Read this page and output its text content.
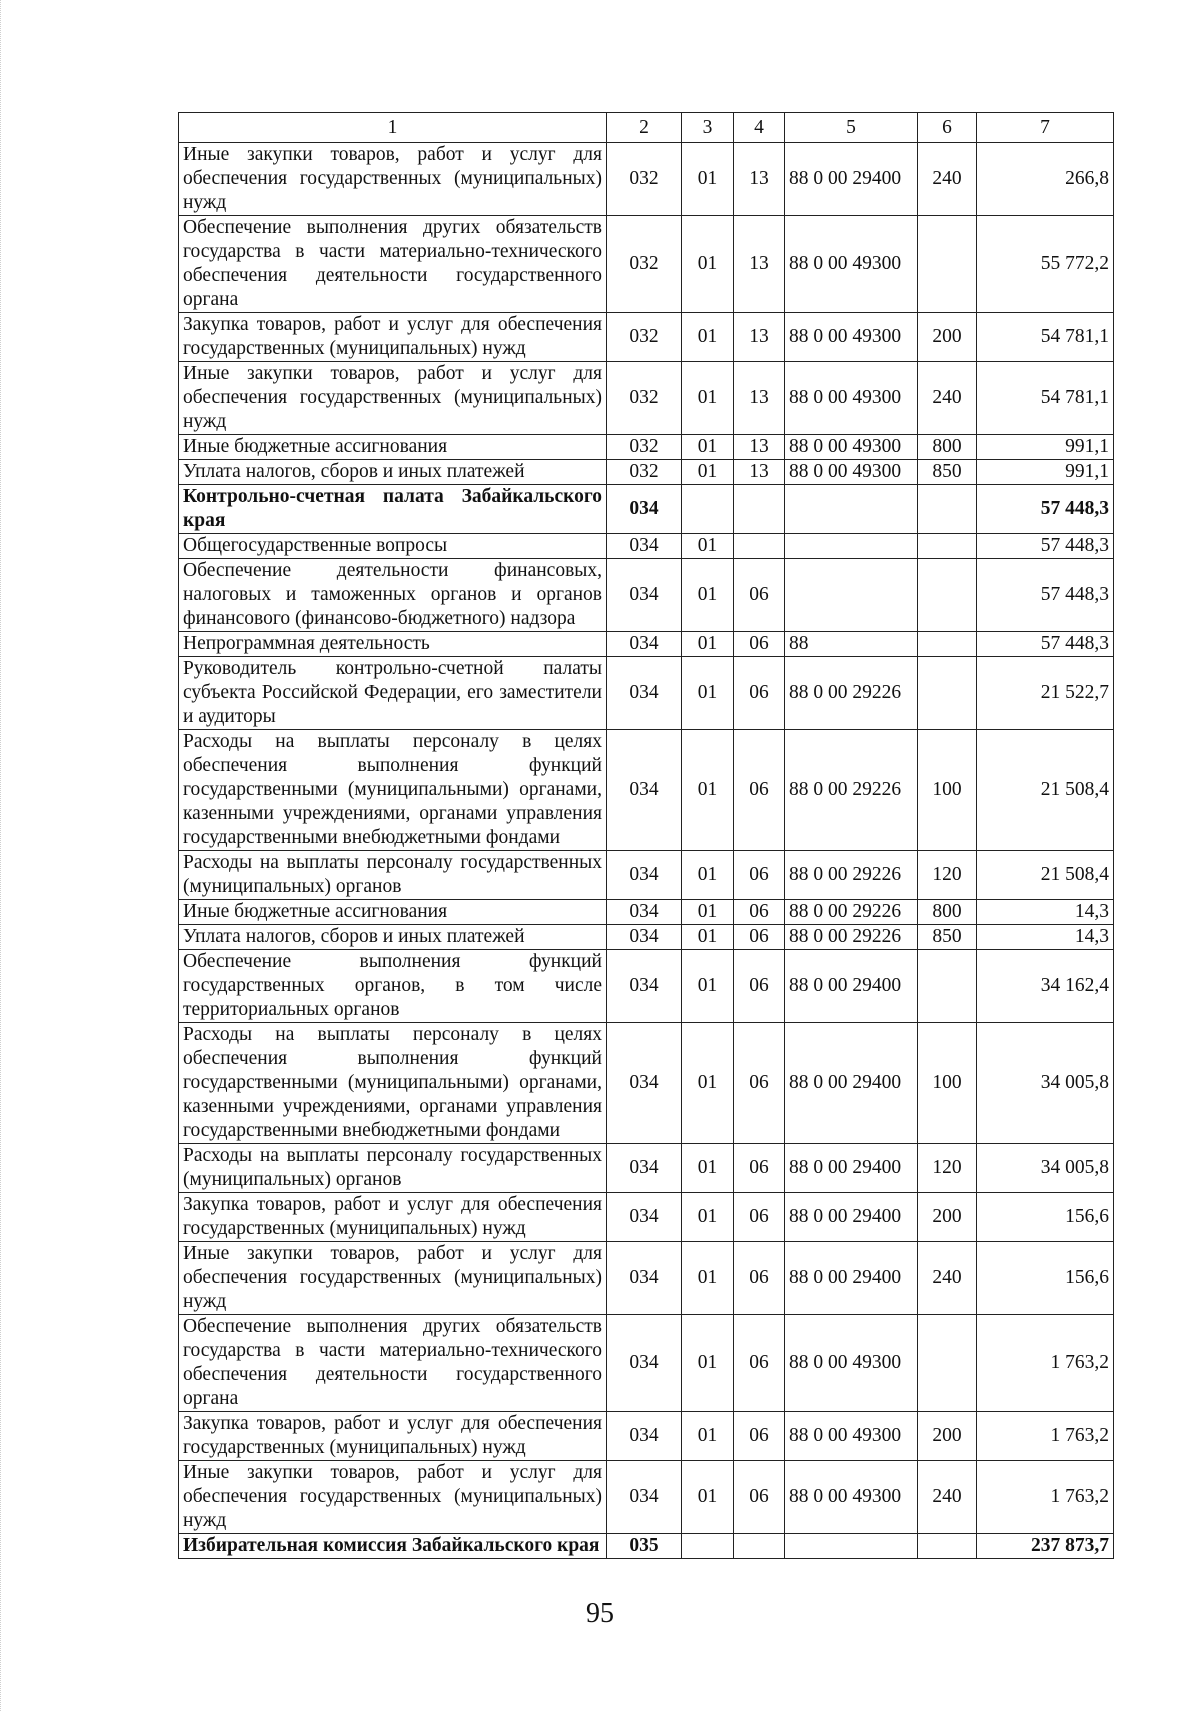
1	2	3	4	5	6	7
Иные закупки товаров, работ и услуг для обеспечения государственных (муниципальных) нужд	032	01	13	88 0 00 29400	240	266,8
Обеспечение выполнения других обязательств государства в части материально-технического обеспечения деятельности государственного органа	032	01	13	88 0 00 49300		55 772,2
Закупка товаров, работ и услуг для обеспечения государственных (муниципальных) нужд	032	01	13	88 0 00 49300	200	54 781,1
Иные закупки товаров, работ и услуг для обеспечения государственных (муниципальных) нужд	032	01	13	88 0 00 49300	240	54 781,1
Иные бюджетные ассигнования	032	01	13	88 0 00 49300	800	991,1
Уплата налогов, сборов и иных платежей	032	01	13	88 0 00 49300	850	991,1
Контрольно-счетная палата Забайкальского края	034					57 448,3
Общегосударственные вопросы	034	01				57 448,3
Обеспечение деятельности финансовых, налоговых и таможенных органов и органов финансового (финансово-бюджетного) надзора	034	01	06			57 448,3
Непрограммная деятельность	034	01	06	88		57 448,3
Руководитель контрольно-счетной палаты субъекта Российской Федерации, его заместители и аудиторы	034	01	06	88 0 00 29226		21 522,7
Расходы на выплаты персоналу в целях обеспечения выполнения функций государственными (муниципальными) органами, казенными учреждениями, органами управления государственными внебюджетными фондами	034	01	06	88 0 00 29226	100	21 508,4
Расходы на выплаты персоналу государственных (муниципальных) органов	034	01	06	88 0 00 29226	120	21 508,4
Иные бюджетные ассигнования	034	01	06	88 0 00 29226	800	14,3
Уплата налогов, сборов и иных платежей	034	01	06	88 0 00 29226	850	14,3
Обеспечение выполнения функций государственных органов, в том числе территориальных органов	034	01	06	88 0 00 29400		34 162,4
Расходы на выплаты персоналу в целях обеспечения выполнения функций государственными (муниципальными) органами, казенными учреждениями, органами управления государственными внебюджетными фондами	034	01	06	88 0 00 29400	100	34 005,8
Расходы на выплаты персоналу государственных (муниципальных) органов	034	01	06	88 0 00 29400	120	34 005,8
Закупка товаров, работ и услуг для обеспечения государственных (муниципальных) нужд	034	01	06	88 0 00 29400	200	156,6
Иные закупки товаров, работ и услуг для обеспечения государственных (муниципальных) нужд	034	01	06	88 0 00 29400	240	156,6
Обеспечение выполнения других обязательств государства в части материально-технического обеспечения деятельности государственного органа	034	01	06	88 0 00 49300		1 763,2
Закупка товаров, работ и услуг для обеспечения государственных (муниципальных) нужд	034	01	06	88 0 00 49300	200	1 763,2
Иные закупки товаров, работ и услуг для обеспечения государственных (муниципальных) нужд	034	01	06	88 0 00 49300	240	1 763,2
Избирательная комиссия Забайкальского края	035					237 873,7
95
